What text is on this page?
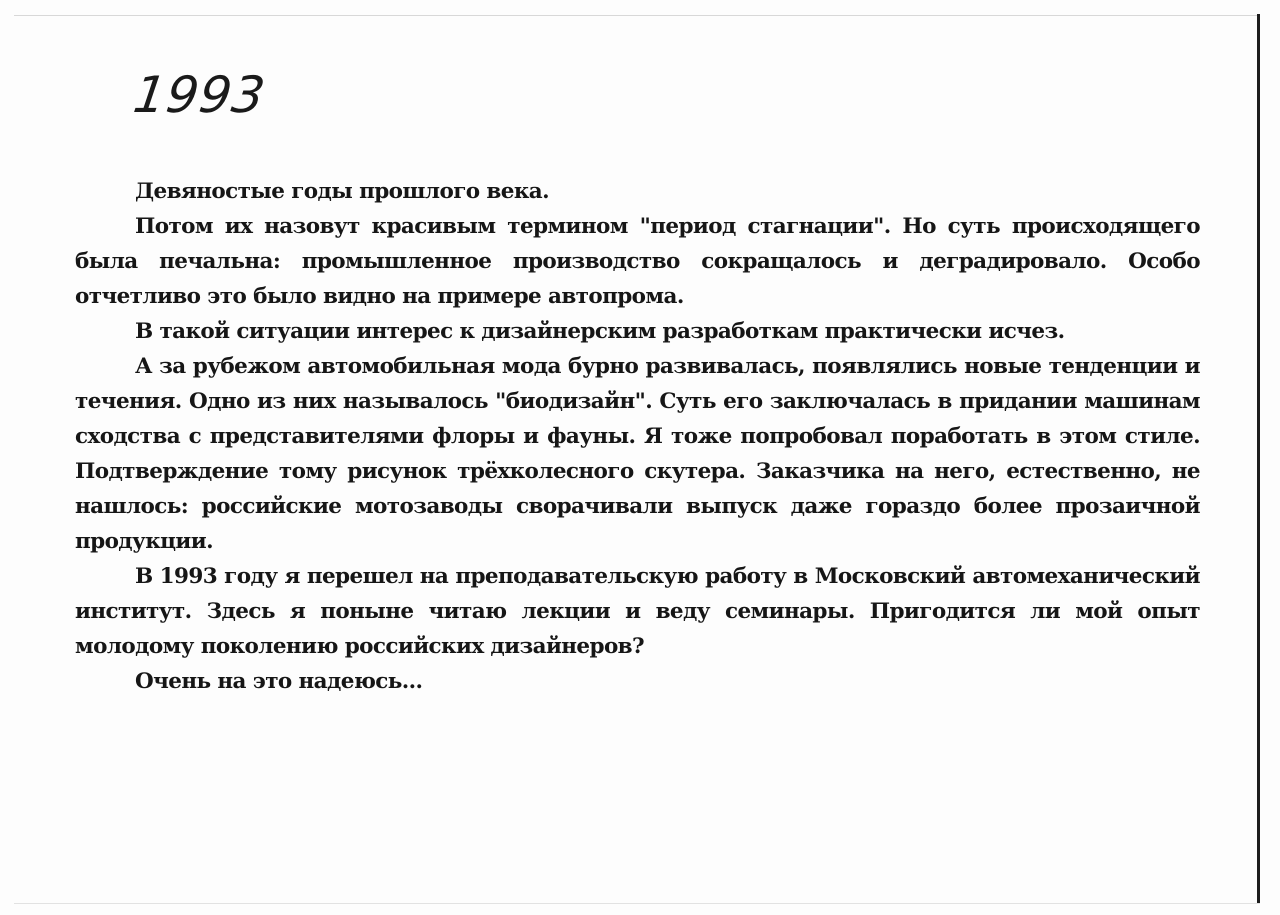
1993

Девяностые годы прошлого века.

Потом их назовут красивым термином "период стагнации". Но суть происходящего была печальна: промышленное производство сокращалось и деградировало. Особо отчетливо это было видно на примере автопрома.

В такой ситуации интерес к дизайнерским разработкам практически исчез.

А за рубежом автомобильная мода бурно развивалась, появлялись новые тенденции и течения. Одно из них называлось "биодизайн". Суть его заключалась в придании машинам сходства с представителями флоры и фауны. Я тоже попробовал поработать в этом стиле. Подтверждение тому рисунок трёхколесного скутера. Заказчика на него, естественно, не нашлось: российские мотозаводы сворачивали выпуск даже гораздо более прозаичной продукции.

В 1993 году я перешел на преподавательскую работу в Московский автомеханический институт. Здесь я поныне читаю лекции и веду семинары. Пригодится ли мой опыт молодому поколению российских дизайнеров?

Очень на это надеюсь...
